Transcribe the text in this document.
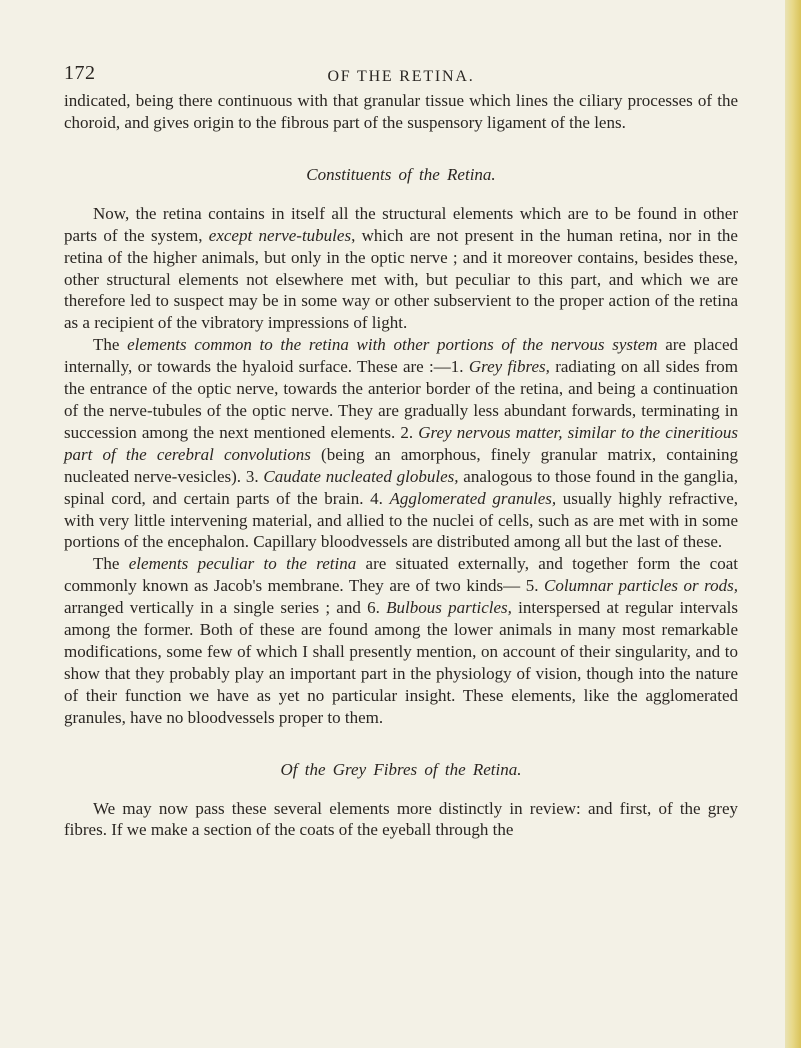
172	OF THE RETINA.

indicated, being there continuous with that granular tissue which lines the ciliary processes of the choroid, and gives origin to the fibrous part of the suspensory ligament of the lens.

Constituents of the Retina.

Now, the retina contains in itself all the structural elements which are to be found in other parts of the system, except nerve-tubules, which are not present in the human retina, nor in the retina of the higher animals, but only in the optic nerve ; and it moreover contains, besides these, other structural elements not elsewhere met with, but peculiar to this part, and which we are therefore led to suspect may be in some way or other subservient to the proper action of the retina as a recipient of the vibratory impressions of light.

The elements common to the retina with other portions of the nervous system are placed internally, or towards the hyaloid surface. These are :—1. Grey fibres, radiating on all sides from the entrance of the optic nerve, towards the anterior border of the retina, and being a continuation of the nerve-tubules of the optic nerve. They are gradually less abundant forwards, terminating in succession among the next mentioned elements. 2. Grey nervous matter, similar to the cineritious part of the cerebral convolutions (being an amorphous, finely granular matrix, containing nucleated nerve-vesicles). 3. Caudate nucleated globules, analogous to those found in the ganglia, spinal cord, and certain parts of the brain. 4. Agglomerated granules, usually highly refractive, with very little intervening material, and allied to the nuclei of cells, such as are met with in some portions of the encephalon. Capillary bloodvessels are distributed among all but the last of these.

The elements peculiar to the retina are situated externally, and together form the coat commonly known as Jacob's membrane. They are of two kinds— 5. Columnar particles or rods, arranged vertically in a single series ; and 6. Bulbous particles, interspersed at regular intervals among the former. Both of these are found among the lower animals in many most remarkable modifications, some few of which I shall presently mention, on account of their singularity, and to show that they probably play an important part in the physiology of vision, though into the nature of their function we have as yet no particular insight. These elements, like the agglomerated granules, have no bloodvessels proper to them.

Of the Grey Fibres of the Retina.

We may now pass these several elements more distinctly in review: and first, of the grey fibres. If we make a section of the coats of the eyeball through the
